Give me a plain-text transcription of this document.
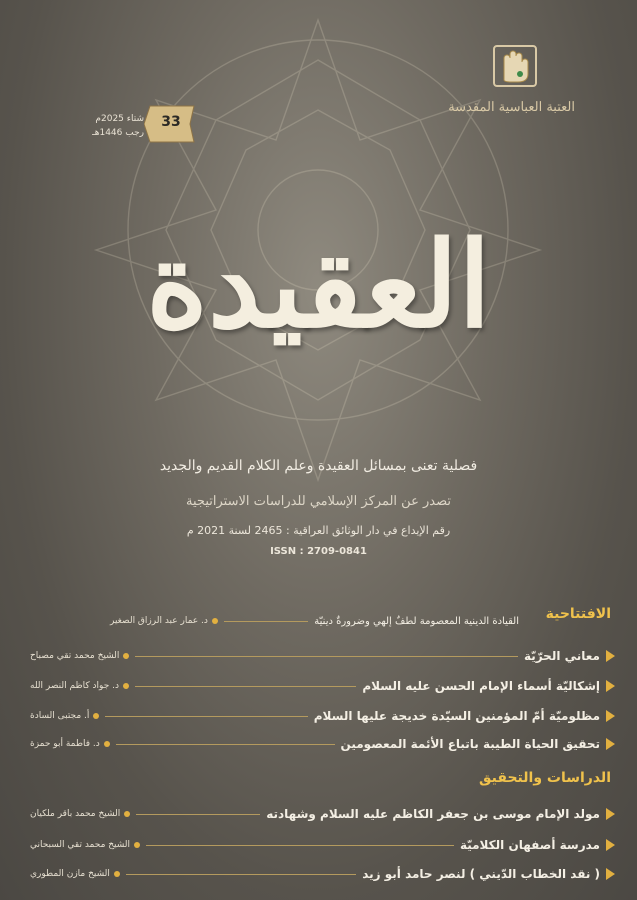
العتبة العباسية المقدسة
33
شتاء 2025م
رجب 1446هـ
العقيدة
فصلية تعنى بمسائل العقيدة وعلم الكلام القديم والجديد
تصدر عن المركز الإسلامي للدراسات الاستراتيجية
رقم الإيداع في دار الوثائق العراقية : 2465 لسنة 2021 م
ISSN : 2709-0841
الافتتاحية
القيادة الدينية المعصومة لطفٌ إلهي وضرورةٌ دينيّة
د. عمار عبد الرزاق الصغير
معاني الحرّيّة
الشيخ محمد تقي مصباح
إشكاليّة أسماء الإمام الحسن عليه السلام
د. جواد كاظم النصر الله
مظلوميّة أمّ المؤمنين السيّدة خديجة عليها السلام
أ. مجتبى السادة
تحقيق الحياة الطيبة باتباع الأئمة المعصومين
د. فاطمة أبو حمزة
الدراسات والتحقيق
مولد الإمام موسى بن جعفر الكاظم عليه السلام وشهادته
الشيخ محمد باقر ملكيان
مدرسة أصفهان الكلاميّة
الشيخ محمد تقي السبحاني
( نقد الخطاب الدّيني ) لنصر حامد أبو زيد
الشيخ مازن المطوري
